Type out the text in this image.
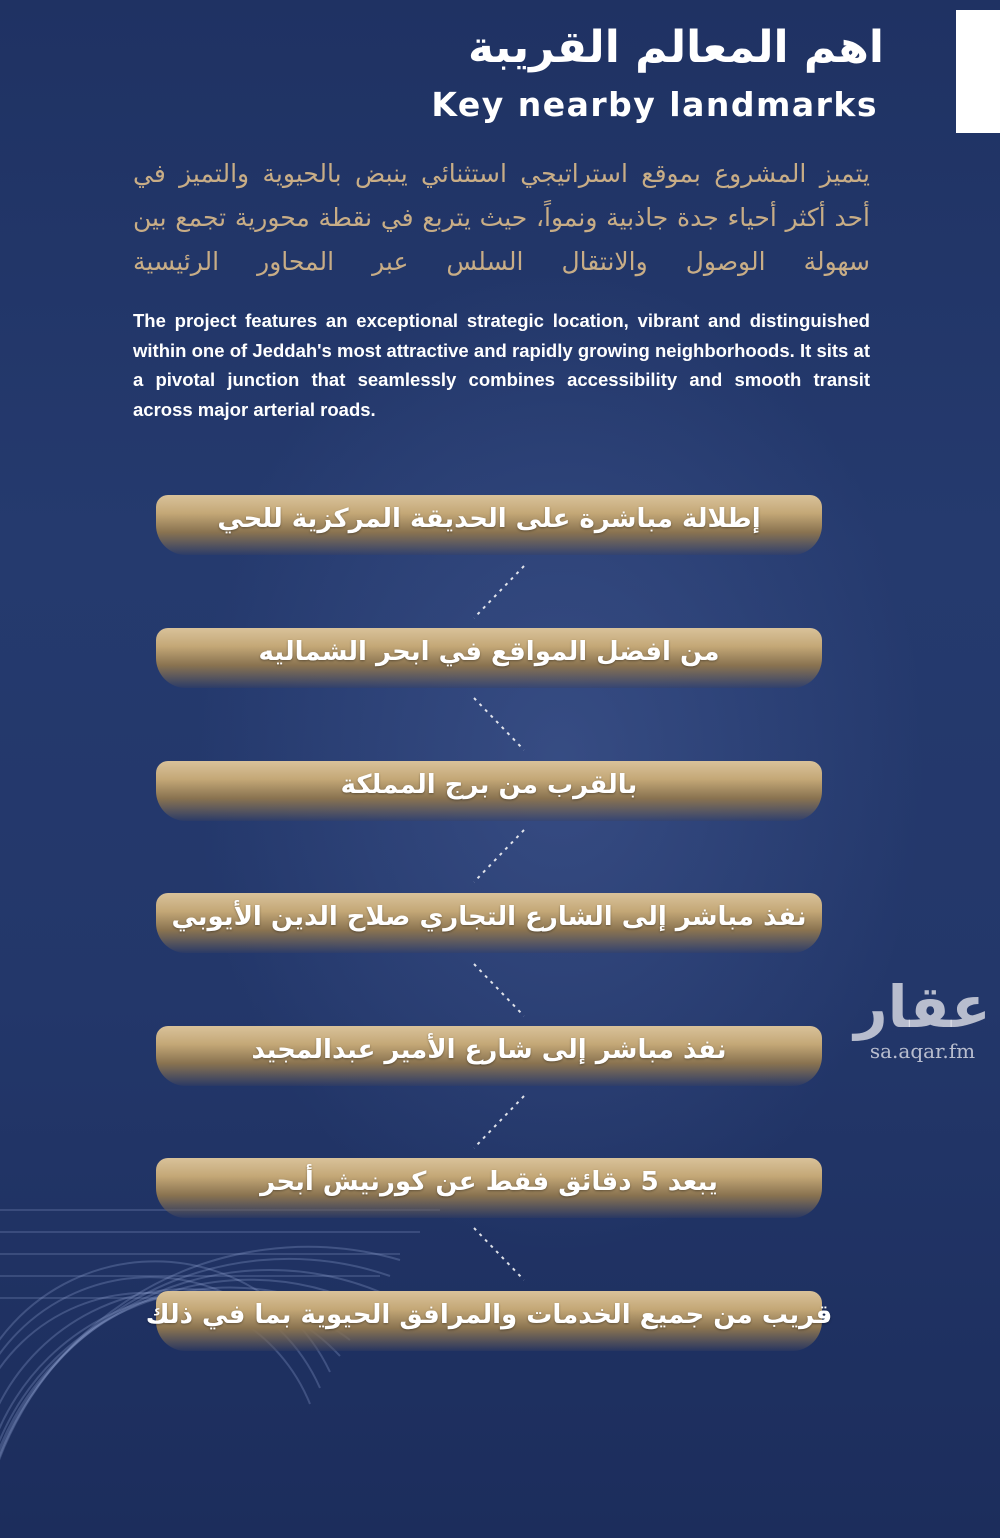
اهم المعالم القريبة
Key nearby landmarks
يتميز المشروع بموقع استراتيجي استثنائي ينبض بالحيوية والتميز في أحد أكثر أحياء جدة جاذبية ونمواً، حيث يتربع في نقطة محورية تجمع بين سهولة الوصول والانتقال السلس عبر المحاور الرئيسية
The project features an exceptional strategic location, vibrant and distinguished within one of Jeddah's most attractive and rapidly growing neighborhoods. It sits at a pivotal junction that seamlessly combines accessibility and smooth transit across major arterial roads.
إطلالة مباشرة على الحديقة المركزية للحي
من افضل المواقع في ابحر الشماليه
بالقرب من برج المملكة
نفذ مباشر إلى الشارع التجاري صلاح الدين الأيوبي
نفذ مباشر إلى شارع الأمير عبدالمجيد
يبعد 5 دقائق فقط عن كورنيش أبحر
قريب من جميع الخدمات والمرافق الحيوية بما في ذلك
عقار
sa.aqar.fm
